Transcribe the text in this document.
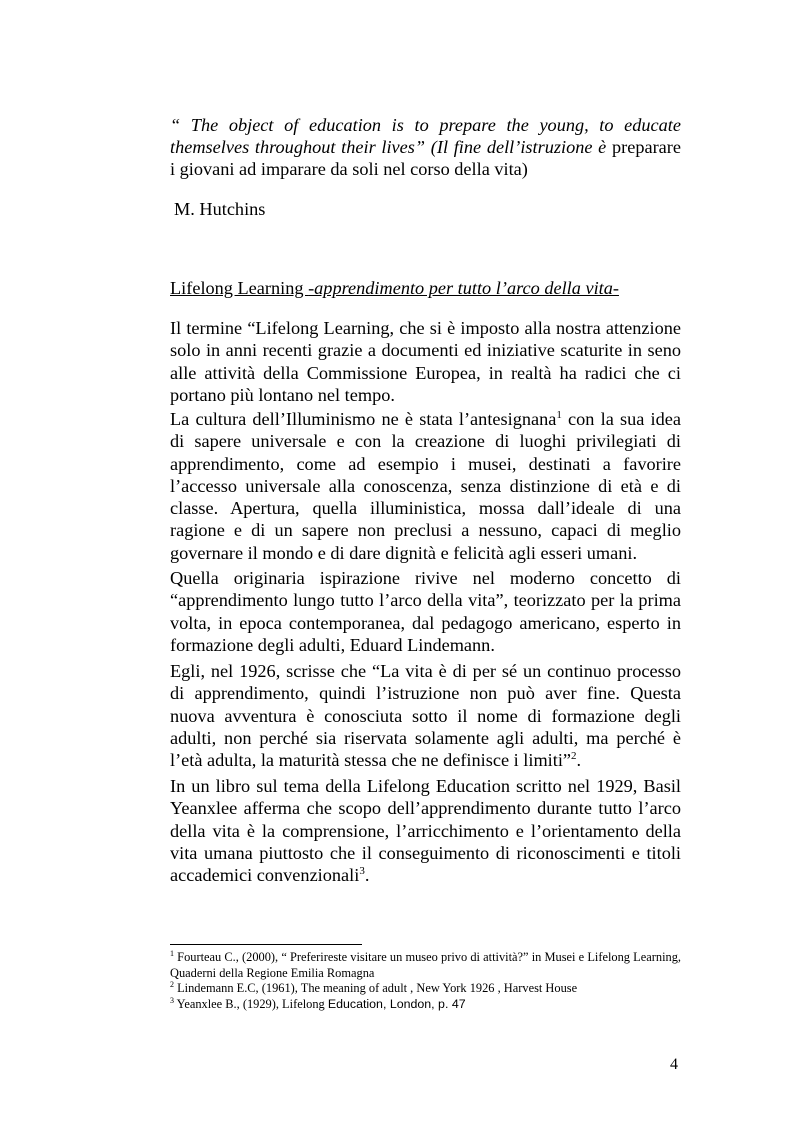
“ The object of education is to prepare the young, to educate themselves throughout their lives” (Il fine dell’istruzione è preparare i giovani ad imparare da soli nel corso della vita)
M. Hutchins
Lifelong Learning -apprendimento per tutto l’arco della vita-

Il termine “Lifelong Learning, che si è imposto alla nostra attenzione solo in anni recenti grazie a documenti ed iniziative scaturite in seno alle attività della Commissione Europea, in realtà ha radici che ci portano più lontano nel tempo.

La cultura dell’Illuminismo ne è stata l’antesignana$^1$ con la sua idea di sapere universale e con la creazione di luoghi privilegiati di apprendimento, come ad esempio i musei, destinati a favorire l’accesso universale alla conoscenza, senza distinzione di età e di classe. Apertura, quella illuministica, mossa dall’ideale di una ragione e di un sapere non preclusi a nessuno, capaci di meglio governare il mondo e di dare dignità e felicità agli esseri umani.

Quella originaria ispirazione rivive nel moderno concetto di “apprendimento lungo tutto l’arco della vita”, teorizzato per la prima volta, in epoca contemporanea, dal pedagogo americano, esperto in formazione degli adulti, Eduard Lindemann.

Egli, nel 1926, scrisse che “La vita è di per sé un continuo processo di apprendimento, quindi l’istruzione non può aver fine. Questa nuova avventura è conosciuta sotto il nome di formazione degli adulti, non perché sia riservata solamente agli adulti, ma perché è l’età adulta, la maturità stessa che ne definisce i limiti”$^2$.

In un libro sul tema della Lifelong Education scritto nel 1929, Basil Yeanxlee afferma che scopo dell’apprendimento durante tutto l’arco della vita è la comprensione, l’arricchimento e l’orientamento della vita umana piuttosto che il conseguimento di riconoscimenti e titoli accademici convenzionali$^3$.

$^1$ Fourteau C., (2000), “ Preferireste visitare un museo privo di attività?” in Musei e Lifelong Learning, Quaderni della Regione Emilia Romagna

$^2$ Lindemann E.C, (1961), The meaning of adult , New York 1926 , Harvest House

$^3$ Yeanxlee B., (1929), Lifelong Education, London, p. 47

4
